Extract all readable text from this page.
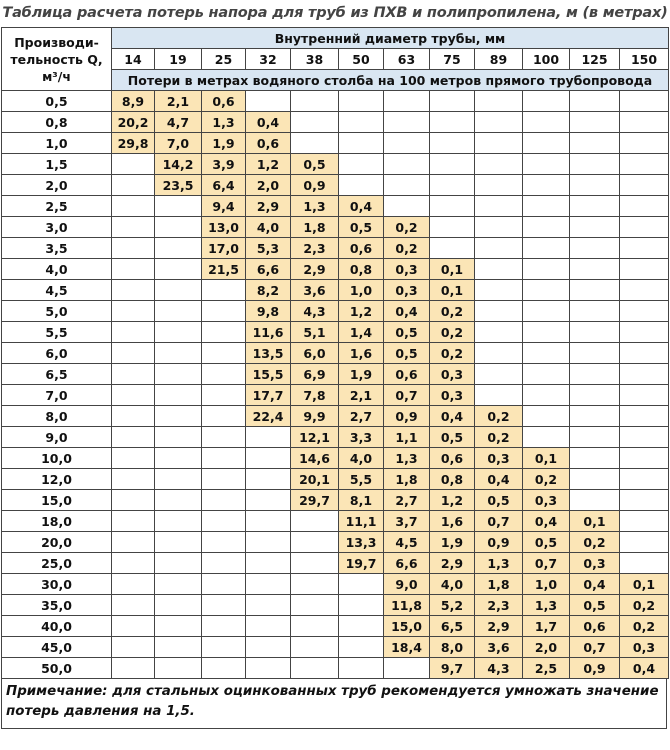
Таблица расчета потерь напора для труб из ПХВ и полипропилена, м (в метрах)
Производи-
тельность Q,
м³/ч	Внутренний диаметр трубы, мм											
	14	19	25	32	38	50	63	75	89	100	125	150
	Потери в метрах водяного столба на 100 метров прямого трубопровода											
0,5	8,9	2,1	0,6									
0,8	20,2	4,7	1,3	0,4								
1,0	29,8	7,0	1,9	0,6								
1,5		14,2	3,9	1,2	0,5							
2,0		23,5	6,4	2,0	0,9							
2,5			9,4	2,9	1,3	0,4						
3,0			13,0	4,0	1,8	0,5	0,2					
3,5			17,0	5,3	2,3	0,6	0,2					
4,0			21,5	6,6	2,9	0,8	0,3	0,1				
4,5				8,2	3,6	1,0	0,3	0,1				
5,0				9,8	4,3	1,2	0,4	0,2				
5,5				11,6	5,1	1,4	0,5	0,2				
6,0				13,5	6,0	1,6	0,5	0,2				
6,5				15,5	6,9	1,9	0,6	0,3				
7,0				17,7	7,8	2,1	0,7	0,3				
8,0				22,4	9,9	2,7	0,9	0,4	0,2			
9,0					12,1	3,3	1,1	0,5	0,2			
10,0					14,6	4,0	1,3	0,6	0,3	0,1		
12,0					20,1	5,5	1,8	0,8	0,4	0,2		
15,0					29,7	8,1	2,7	1,2	0,5	0,3		
18,0						11,1	3,7	1,6	0,7	0,4	0,1	
20,0						13,3	4,5	1,9	0,9	0,5	0,2	
25,0						19,7	6,6	2,9	1,3	0,7	0,3	
30,0							9,0	4,0	1,8	1,0	0,4	0,1
35,0							11,8	5,2	2,3	1,3	0,5	0,2
40,0							15,0	6,5	2,9	1,7	0,6	0,2
45,0							18,4	8,0	3,6	2,0	0,7	0,3
50,0								9,7	4,3	2,5	0,9	0,4
Примечание: для стальных оцинкованных труб рекомендуется умножать значение потерь давления на 1,5.
